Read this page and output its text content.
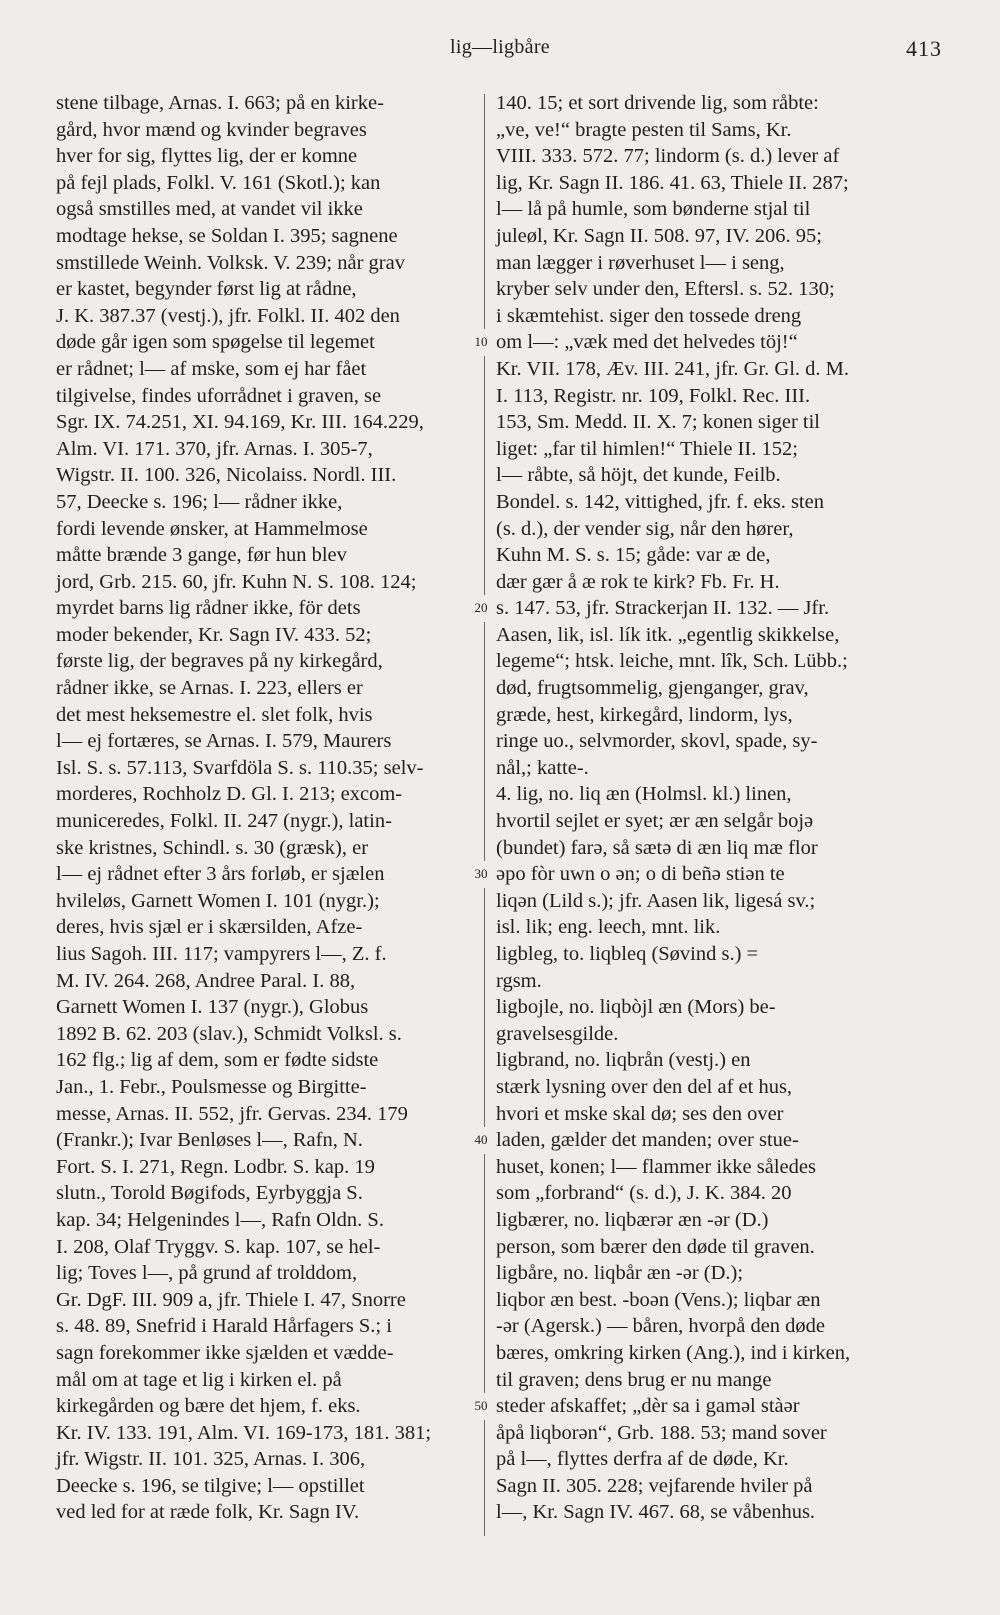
lig—ligbåre	413
stene tilbage, Arnas. I. 663; på en kirke-
gård, hvor mænd og kvinder begraves
hver for sig, flyttes lig, der er komne
på fejl plads, Folkl. V. 161 (Skotl.); kan
også smstilles med, at vandet vil ikke
modtage hekse, se Soldan I. 395; sagnene
smstillede Weinh. Volksk. V. 239; når grav
er kastet, begynder først lig at rådne,
J. K. 387.37 (vestj.), jfr. Folkl. II. 402 den
døde går igen som spøgelse til legemet
er rådnet; l— af mske, som ej har fået
tilgivelse, findes uforrådnet i graven, se
Sgr. IX. 74.251, XI. 94.169, Kr. III. 164.229,
Alm. VI. 171. 370, jfr. Arnas. I. 305-7,
Wigstr. II. 100. 326, Nicolaiss. Nordl. III.
57, Deecke s. 196; l— rådner ikke,
fordi levende ønsker, at Hammelmose
måtte brænde 3 gange, før hun blev
jord, Grb. 215. 60, jfr. Kuhn N. S. 108. 124;
myrdet barns lig rådner ikke, för dets
moder bekender, Kr. Sagn IV. 433. 52;
første lig, der begraves på ny kirkegård,
rådner ikke, se Arnas. I. 223, ellers er
det mest heksemestre el. slet folk, hvis
l— ej fortæres, se Arnas. I. 579, Maurers
Isl. S. s. 57.113, Svarfdöla S. s. 110.35; selv-
morderes, Rochholz D. Gl. I. 213; excom-
municeredes, Folkl. II. 247 (nygr.), latin-
ske kristnes, Schindl. s. 30 (græsk), er
l— ej rådnet efter 3 års forløb, er sjælen
hvileløs, Garnett Women I. 101 (nygr.);
deres, hvis sjæl er i skærsilden, Afze-
lius Sagoh. III. 117; vampyrers l—, Z. f.
M. IV. 264. 268, Andree Paral. I. 88,
Garnett Women I. 137 (nygr.), Globus
1892 B. 62. 203 (slav.), Schmidt Volksl. s.
162 flg.; lig af dem, som er fødte sidste
Jan., 1. Febr., Poulsmesse og Birgitte-
messe, Arnas. II. 552, jfr. Gervas. 234. 179
(Frankr.); Ivar Benløses l—, Rafn, N.
Fort. S. I. 271, Regn. Lodbr. S. kap. 19
slutn., Torold Bøgifods, Eyrbyggja S.
kap. 34; Helgenindes l—, Rafn Oldn. S.
I. 208, Olaf Tryggv. S. kap. 107, se hel-
lig; Toves l—, på grund af trolddom,
Gr. DgF. III. 909 a, jfr. Thiele I. 47, Snorre
s. 48. 89, Snefrid i Harald Hårfagers S.; i
sagn forekommer ikke sjælden et vædde-
mål om at tage et lig i kirken el. på
kirkegården og bære det hjem, f. eks.
Kr. IV. 133. 191, Alm. VI. 169-173, 181. 381;
jfr. Wigstr. II. 101. 325, Arnas. I. 306,
Deecke s. 196, se tilgive; l— opstillet
ved led for at ræde folk, Kr. Sagn IV.
10
20
30
40
50
140. 15; et sort drivende lig, som råbte:
„ve, ve!“ bragte pesten til Sams, Kr.
VIII. 333. 572. 77; lindorm (s. d.) lever af
lig, Kr. Sagn II. 186. 41. 63, Thiele II. 287;
l— lå på humle, som bønderne stjal til
juleøl, Kr. Sagn II. 508. 97, IV. 206. 95;
man lægger i røverhuset l— i seng,
kryber selv under den, Eftersl. s. 52. 130;
i skæmtehist. siger den tossede dreng
om l—: „væk med det helvedes töj!“
Kr. VII. 178, Æv. III. 241, jfr. Gr. Gl. d. M.
I. 113, Registr. nr. 109, Folkl. Rec. III.
153, Sm. Medd. II. X. 7; konen siger til
liget: „far til himlen!“ Thiele II. 152;
l— råbte, så höjt, det kunde, Feilb.
Bondel. s. 142, vittighed, jfr. f. eks. sten
(s. d.), der vender sig, når den hører,
Kuhn M. S. s. 15; gåde: var æ de,
dær gær å æ rok te kirk? Fb. Fr. H.
s. 147. 53, jfr. Strackerjan II. 132. — Jfr.
Aasen, lik, isl. lík itk. „egentlig skikkelse,
legeme“; htsk. leiche, mnt. lîk, Sch. Lübb.;
død, frugtsommelig, gjenganger, grav,
græde, hest, kirkegård, lindorm, lys,
ringe uo., selvmorder, skovl, spade, sy-
nål,; katte-.
4. lig, no. liq æn (Holmsl. kl.) linen,
hvortil sejlet er syet; ær æn selgår bojə
(bundet) farə, så sætə di æn liq mæ flor
əpo fòr uwn o ən; o di beñə stiən te
liqən (Lild s.); jfr. Aasen lik, ligesá sv.;
isl. lik; eng. leech, mnt. lik.
ligbleg, to. liqbleq (Søvind s.) =
rgsm.
ligbojle, no. liqbòjl æn (Mors) be-
gravelsesgilde.
ligbrand, no. liqbrån (vestj.) en
stærk lysning over den del af et hus,
hvori et mske skal dø; ses den over
laden, gælder det manden; over stue-
huset, konen; l— flammer ikke således
som „forbrand“ (s. d.), J. K. 384. 20
ligbærer, no. liqbærər æn -ər (D.)
person, som bærer den døde til graven.
ligbåre, no. liqbår æn -ər (D.);
liqbor æn best. -boən (Vens.); liqbar æn
-ər (Agersk.) — båren, hvorpå den døde
bæres, omkring kirken (Ang.), ind i kirken,
til graven; dens brug er nu mange
steder afskaffet; „dèr sa i gaməl stàər
åpå liqborən“, Grb. 188. 53; mand sover
på l—, flyttes derfra af de døde, Kr.
Sagn II. 305. 228; vejfarende hviler på
l—, Kr. Sagn IV. 467. 68, se våbenhus.
